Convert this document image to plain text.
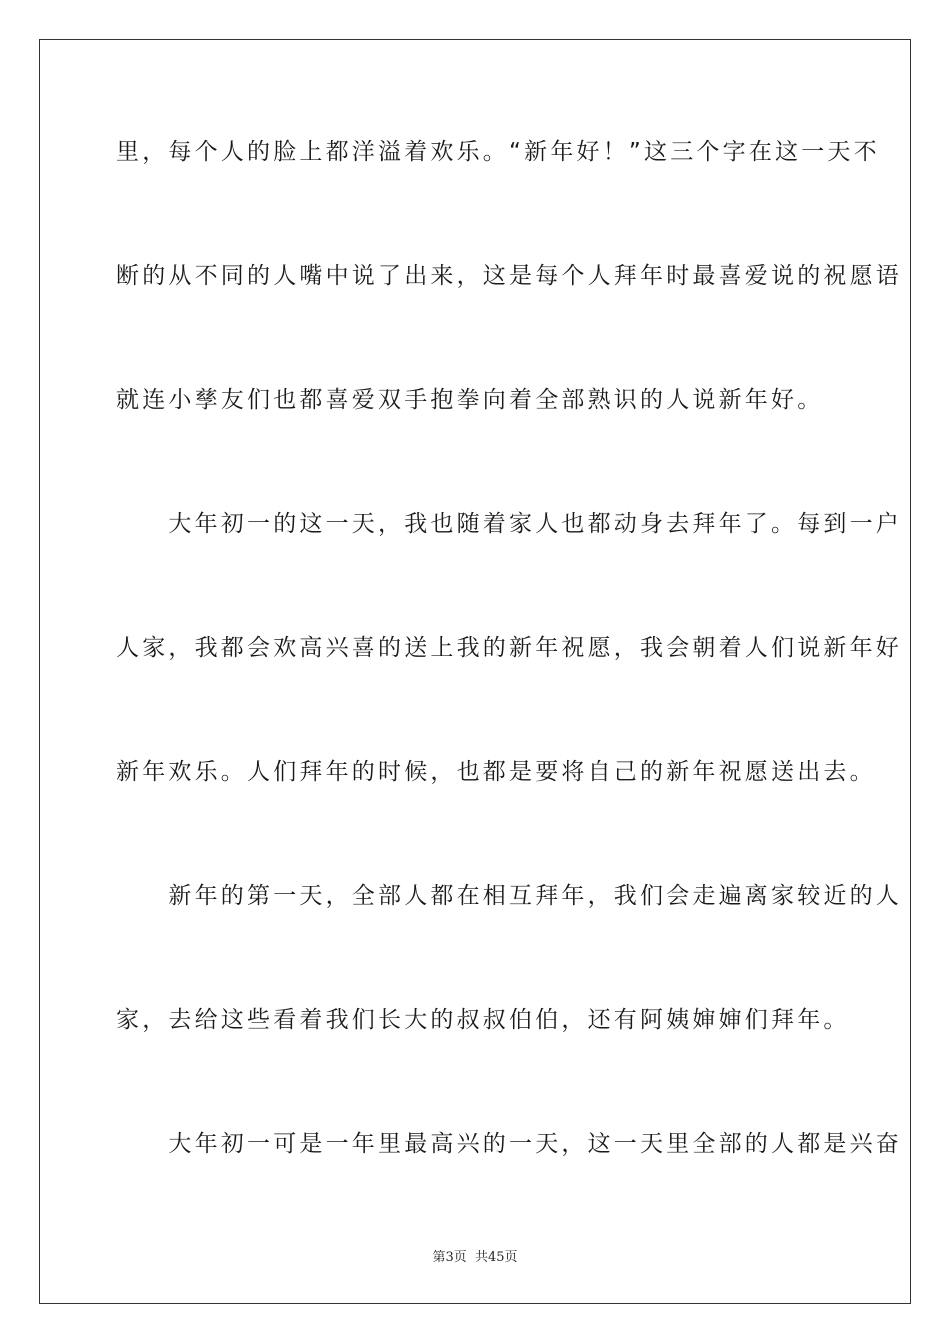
里，每个人的脸上都洋溢着欢乐。“新年好！”这三个字在这一天不
断的从不同的人嘴中说了出来，这是每个人拜年时最喜爱说的祝愿语
就连小孳友们也都喜爱双手抱拳向着全部熟识的人说新年好。
　　大年初一的这一天，我也随着家人也都动身去拜年了。每到一户
人家，我都会欢高兴喜的送上我的新年祝愿，我会朝着人们说新年好
新年欢乐。人们拜年的时候，也都是要将自己的新年祝愿送出去。
　　新年的第一天，全部人都在相互拜年，我们会走遍离家较近的人
家，去给这些看着我们长大的叔叔伯伯，还有阿姨婶婶们拜年。
　　大年初一可是一年里最高兴的一天，这一天里全部的人都是兴奋
第3页 共45页
